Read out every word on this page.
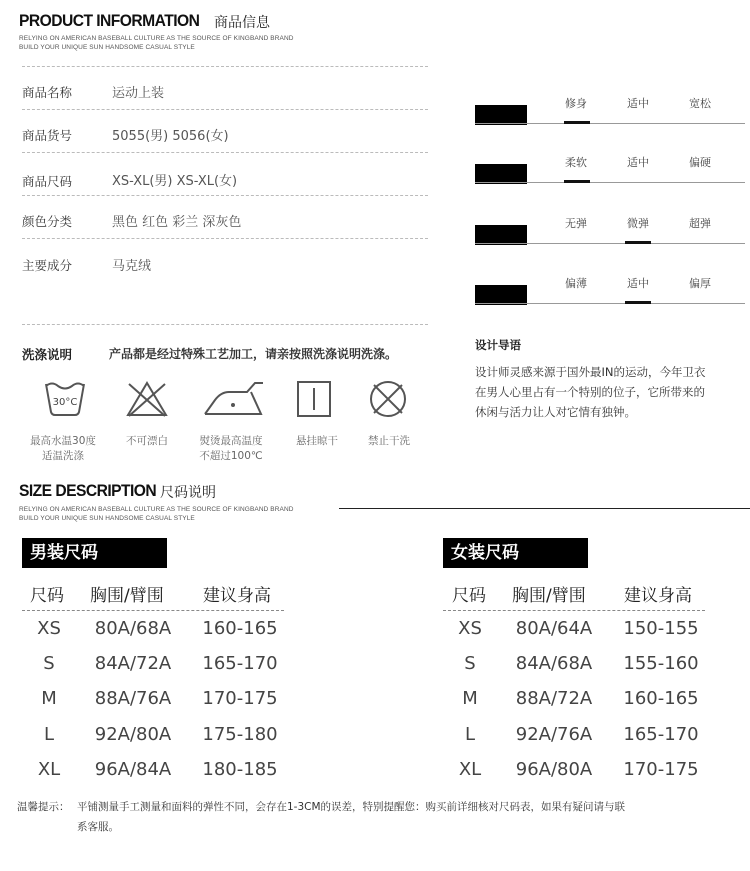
PRODUCT INFORMATION 商品信息
RELYING ON AMERICAN BASEBALL CULTURE AS THE SOURCE OF KINGBAND BRAND
BUILD YOUR UNIQUE SUN HANDSOME CASUAL STYLE
商品名称	运动上装
商品货号	5055(男) 5056(女)
商品尺码	XS-XL(男) XS-XL(女)
颜色分类	黑色 红色 彩兰 深灰色
主要成分	马克绒
修身	适中	宽松
柔软	适中	偏硬
无弹	微弹	超弹
偏薄	适中	偏厚
设计导语
设计师灵感来源于国外最IN的运动，今年卫衣
在男人心里占有一个特别的位子，它所带来的
休闲与活力让人对它情有独钟。
洗涤说明	产品都是经过特殊工艺加工，请亲按照洗涤说明洗涤。
30°C
最高水温30度
适温洗涤
不可漂白	熨烫最高温度
不超过100℃
悬挂晾干	禁止干洗
SIZE DESCRIPTION 尺码说明
RELYING ON AMERICAN BASEBALL CULTURE AS THE SOURCE OF KINGBAND BRAND
BUILD YOUR UNIQUE SUN HANDSOME CASUAL STYLE
男装尺码
尺码 胸围/臂围 建议身高
XS	80A/68A	160-165
S	84A/72A	165-170
M	88A/76A	170-175
L	92A/80A	175-180
XL	96A/84A	180-185
女装尺码
尺码 胸围/臂围 建议身高
XS	80A/64A	150-155
S	84A/68A	155-160
M	88A/72A	160-165
L	92A/76A	165-170
XL	96A/80A	170-175
温馨提示： 平铺测量手工测量和面料的弹性不同，会存在1-3CM的误差，特别提醒您：购买前详细核对尺码表，如果有疑问请与联
系客服。
